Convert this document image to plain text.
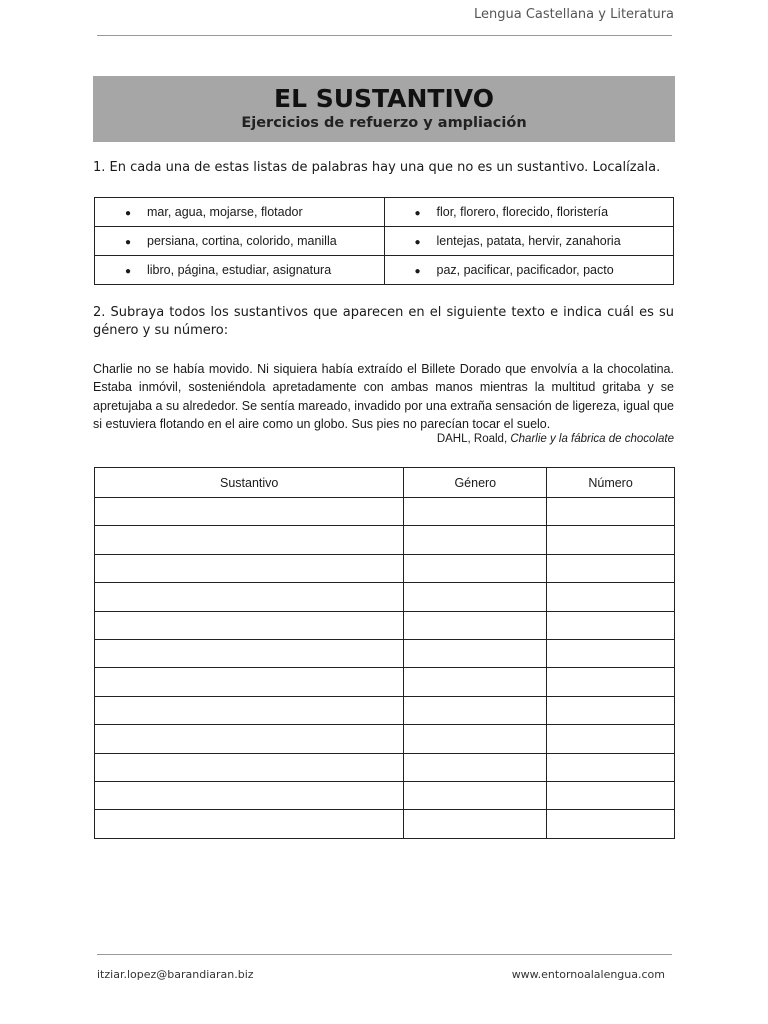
Lengua Castellana y Literatura
EL SUSTANTIVO
Ejercicios de refuerzo y ampliación
1. En cada una de estas listas de palabras hay una que no es un sustantivo. Localízala.
● mar, agua, mojarse, flotador	● flor, florero, florecido, floristería
● persiana, cortina, colorido, manilla	● lentejas, patata, hervir, zanahoria
● libro, página, estudiar, asignatura	● paz, pacificar, pacificador, pacto
2. Subraya todos los sustantivos que aparecen en el siguiente texto e indica cuál es su género y su número:
Charlie no se había movido. Ni siquiera había extraído el Billete Dorado que envolvía a la chocolatina. Estaba inmóvil, sosteniéndola apretadamente con ambas manos mientras la multitud gritaba y se apretujaba a su alrededor. Se sentía mareado, invadido por una extraña sensación de ligereza, igual que si estuviera flotando en el aire como un globo. Sus pies no parecían tocar el suelo.
DAHL, Roald, Charlie y la fábrica de chocolate
Sustantivo	Género	Número

itziar.lopez@barandiaran.biz	www.entornoalalengua.com
